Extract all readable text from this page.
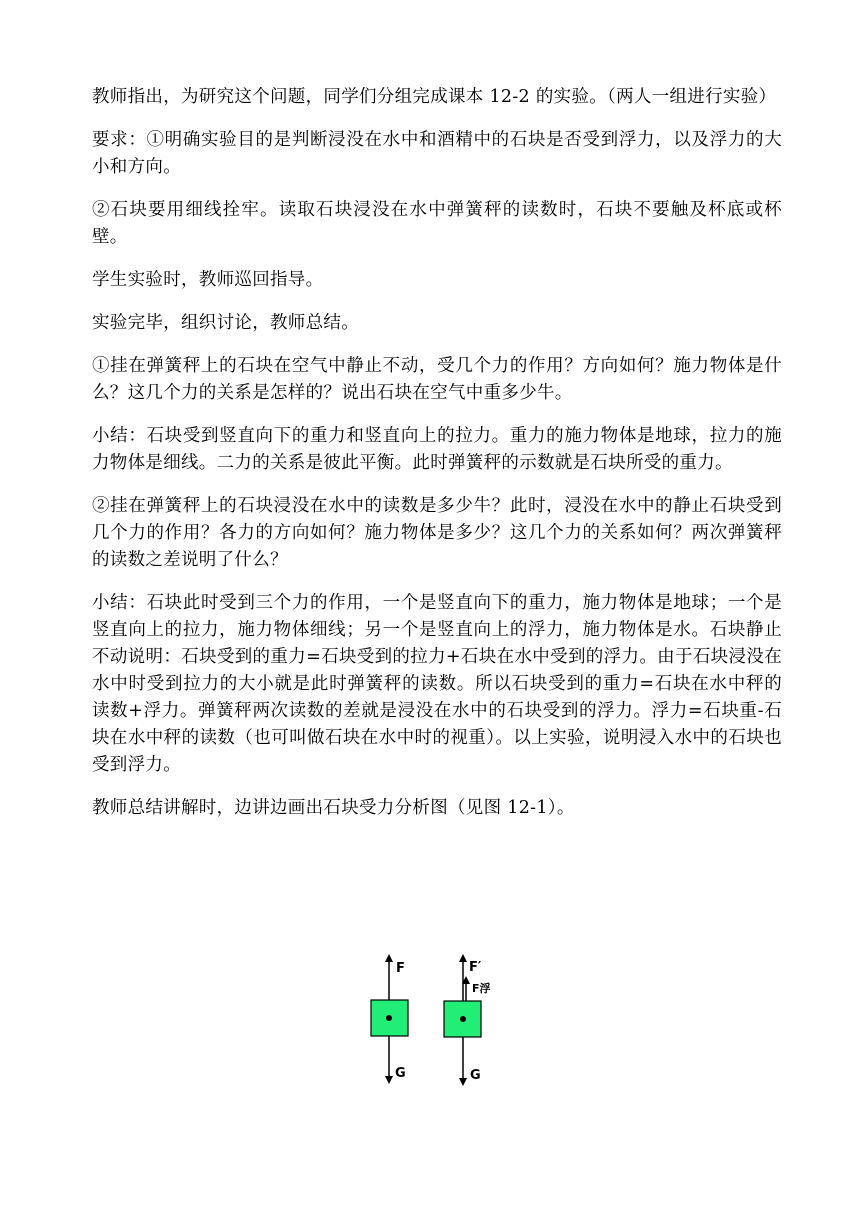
教师指出，为研究这个问题，同学们分组完成课本 12-2 的实验。（两人一组进行实验）

要求：①明确实验目的是判断浸没在水中和酒精中的石块是否受到浮力，以及浮力的大小和方向。

②石块要用细线拴牢。读取石块浸没在水中弹簧秤的读数时，石块不要触及杯底或杯壁。

学生实验时，教师巡回指导。

实验完毕，组织讨论，教师总结。

①挂在弹簧秤上的石块在空气中静止不动，受几个力的作用？方向如何？施力物体是什么？这几个力的关系是怎样的？说出石块在空气中重多少牛。

小结：石块受到竖直向下的重力和竖直向上的拉力。重力的施力物体是地球，拉力的施力物体是细线。二力的关系是彼此平衡。此时弹簧秤的示数就是石块所受的重力。

②挂在弹簧秤上的石块浸没在水中的读数是多少牛？此时，浸没在水中的静止石块受到几个力的作用？各力的方向如何？施力物体是多少？这几个力的关系如何？两次弹簧秤的读数之差说明了什么？

小结：石块此时受到三个力的作用，一个是竖直向下的重力，施力物体是地球；一个是竖直向上的拉力，施力物体细线；另一个是竖直向上的浮力，施力物体是水。石块静止不动说明：石块受到的重力=石块受到的拉力+石块在水中受到的浮力。由于石块浸没在水中时受到拉力的大小就是此时弹簧秤的读数。所以石块受到的重力=石块在水中秤的读数+浮力。弹簧秤两次读数的差就是浸没在水中的石块受到的浮力。浮力=石块重-石块在水中秤的读数（也可叫做石块在水中时的视重）。以上实验，说明浸入水中的石块也受到浮力。

教师总结讲解时，边讲边画出石块受力分析图（见图 12-1）。

F
G
F′
F浮
G
